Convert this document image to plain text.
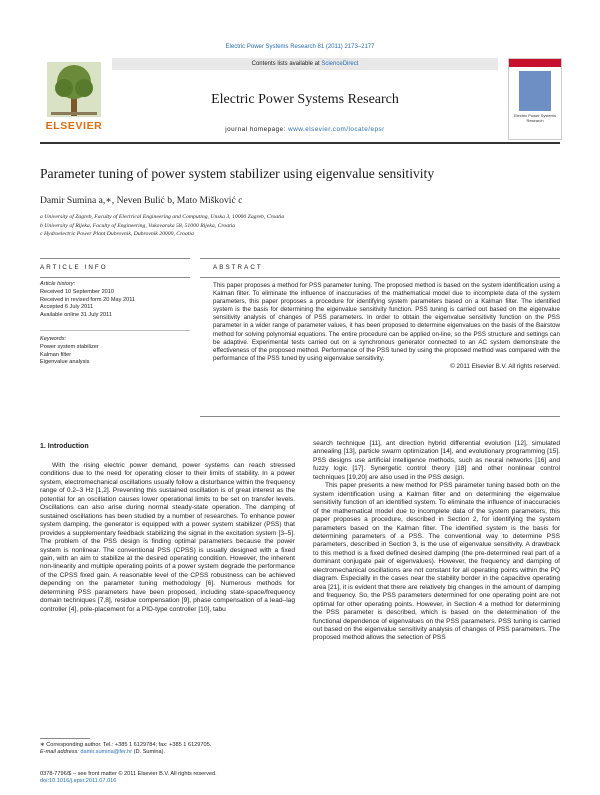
Electric Power Systems Research 81 (2011) 2173–2177
ELSEVIER
Contents lists available at ScienceDirect
Electric Power Systems Research
journal homepage: www.elsevier.com/locate/epsr
Electric Power Systems Research
Parameter tuning of power system stabilizer using eigenvalue sensitivity
Damir Sumina a,∗, Neven Bulić b, Mato Mišković c
a University of Zagreb, Faculty of Electrical Engineering and Computing, Unska 3, 10000 Zagreb, Croatia
b University of Rijeka, Faculty of Engineering, Vukovarska 58, 51000 Rijeka, Croatia
c Hydroelectric Power Plant Dubrovnik, Dubrovnik 20000, Croatia
ARTICLE INFO	ABSTRACT
Article history:
Received 10 September 2010
Received in revised form 20 May 2011
Accepted 6 July 2011
Available online 31 July 2011
Keywords:
Power system stabilizer
Kalman filter
Eigenvalue analysis
This paper proposes a method for PSS parameter tuning. The proposed method is based on the system identification using a Kalman filter. To eliminate the influence of inaccuracies of the mathematical model due to incomplete data of the system parameters, this paper proposes a procedure for identifying system parameters based on a Kalman filter. The identified system is the basis for determining the eigenvalue sensitivity function. PSS tuning is carried out based on the eigenvalue sensitivity analysis of changes of PSS parameters. In order to obtain the eigenvalue sensitivity function on the PSS parameter in a wider range of parameter values, it has been proposed to determine eigenvalues on the basis of the Bairstow method for solving polynomial equations. The entire procedure can be applied on-line, so the PSS structure and settings can be adaptive. Experimental tests carried out on a synchronous generator connected to an AC system demonstrate the effectiveness of the proposed method. Performance of the PSS tuned by using the proposed method was compared with the performance of the PSS tuned by using eigenvalue sensitivity.
© 2011 Elsevier B.V. All rights reserved.
1. Introduction

With the rising electric power demand, power systems can reach stressed conditions due to the need for operating closer to their limits of stability. In a power system, electromechanical oscillations usually follow a disturbance within the frequency range of 0.2–3 Hz [1,2]. Preventing this sustained oscillation is of great interest as the potential for an oscillation causes lower operational limits to be set on transfer levels. Oscillations can also arise during normal steady-state operation. The damping of sustained oscillations has been studied by a number of researches. To enhance power system damping, the generator is equipped with a power system stabilizer (PSS) that provides a supplementary feedback stabilizing the signal in the excitation system [3–5]. The problem of the PSS design is finding optimal parameters because the power system is nonlinear. The conventional PSS (CPSS) is usually designed with a fixed gain, with an aim to stabilize at the desired operating condition. However, the inherent non-linearity and multiple operating points of a power system degrade the performance of the CPSS fixed gain. A reasonable level of the CPSS robustness can be achieved depending on the parameter tuning methodology [6]. Numerous methods for determining PSS parameters have been proposed, including state-space/frequency domain techniques [7,8], residue compensation [9], phase compensation of a lead–lag controller [4], pole-placement for a PID-type controller [10], tabu

search technique [11], ant direction hybrid differential evolution [12], simulated annealing [13], particle swarm optimization [14], and evolutionary programming [15]. PSS designs use artificial intelligence methods, such as neural networks [16] and fuzzy logic [17]. Synergetic control theory [18] and other nonlinear control techniques [19,20] are also used in the PSS design.

This paper presents a new method for PSS parameter tuning based both on the system identification using a Kalman filter and on determining the eigenvalue sensitivity function of an identified system. To eliminate the influence of inaccuracies of the mathematical model due to incomplete data of the system parameters, this paper proposes a procedure, described in Section 2, for identifying the system parameters based on the Kalman filter. The identified system is the basis for determining parameters of a PSS. The conventional way to determine PSS parameters, described in Section 3, is the use of eigenvalue sensitivity. A drawback to this method is a fixed defined desired damping (the pre-determined real part of a dominant conjugate pair of eigenvalues). However, the frequency and damping of electromechanical oscillations are not constant for all operating points within the PQ diagram. Especially in the cases near the stability border in the capacitive operating area [21], it is evident that there are relatively big changes in the amount of damping and frequency. So, the PSS parameters determined for one operating point are not optimal for other operating points. However, in Section 4 a method for determining the PSS parameter is described, which is based on the determination of the functional dependence of eigenvalues on the PSS parameters. PSS tuning is carried out based on the eigenvalue sensitivity analysis of changes of PSS parameters. The proposed method allows the selection of PSS

∗ Corresponding author. Tel.: +385 1 6129784; fax: +385 1 6129705.
E-mail address: damir.sumina@fer.hr (D. Sumina).
0378-7796/$ – see front matter © 2011 Elsevier B.V. All rights reserved.
doi:10.1016/j.epsr.2011.07.016
